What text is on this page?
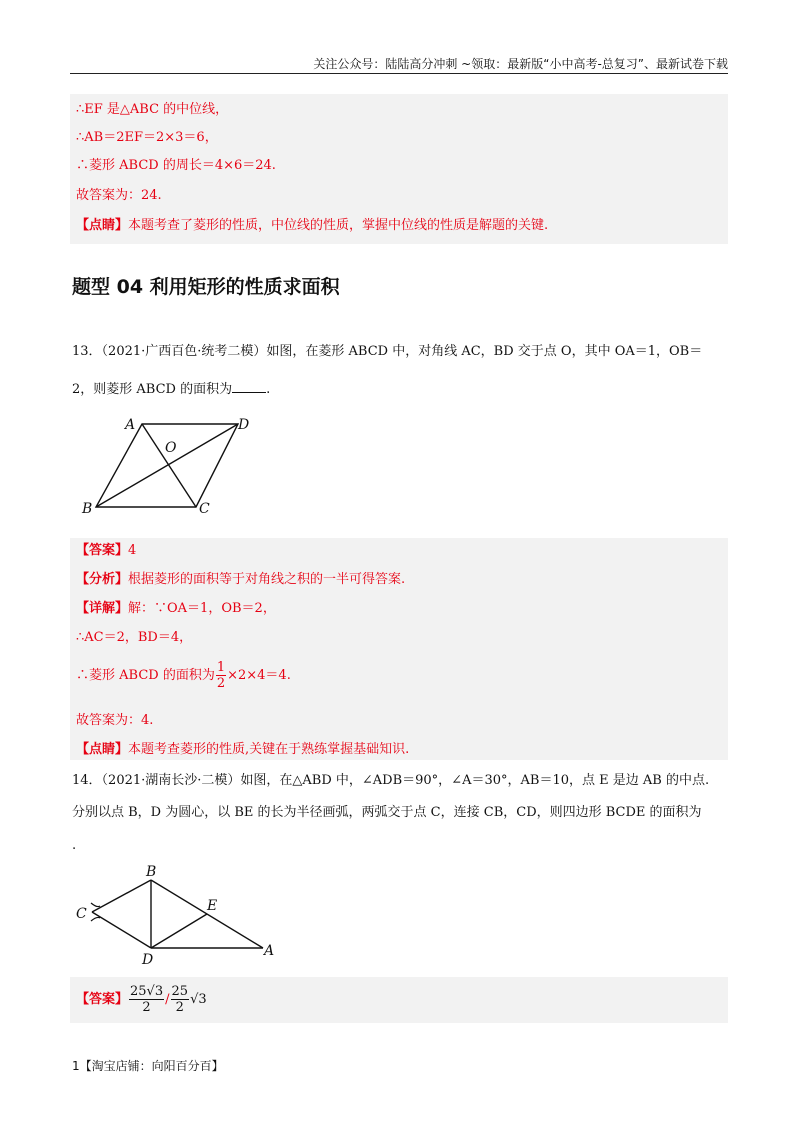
关注公众号：陆陆高分冲刺 ~领取：最新版“小中高考-总复习”、最新试卷下载
∴EF 是△ABC 的中位线，
∴AB＝2EF＝2×3＝6，
∴菱形 ABCD 的周长＝4×6＝24.
故答案为：24.
【点睛】本题考查了菱形的性质，中位线的性质，掌握中位线的性质是解题的关键.
题型 04 利用矩形的性质求面积
13．（2021·广西百色·统考二模）如图，在菱形 ABCD 中，对角线 AC，BD 交于点 O，其中 OA＝1，OB＝
2，则菱形 ABCD 的面积为	.
A	D
O
B	C
【答案】4
【分析】根据菱形的面积等于对角线之积的一半可得答案.
【详解】解：∵OA＝1，OB＝2，
∴AC＝2，BD＝4，
∴菱形 ABCD 的面积为 $\frac{1}{2} \times 2\times 4=4$.
故答案为：4.
【点睛】本题考查菱形的性质,关键在于熟练掌握基础知识.
14．（2021·湖南长沙·二模）如图，在△ABD 中，∠ADB＝90°，∠A＝30°，AB＝10，点 E 是边 AB 的中点.
分别以点 B，D 为圆心，以 BE 的长为半径画弧，两弧交于点 C，连接 CB，CD，则四边形 BCDE 的面积为
.
B
E
C
D
A
【答案】 $\frac{25√3}{2} / \frac{25}{2} √3$
1【淘宝店铺：向阳百分百】
